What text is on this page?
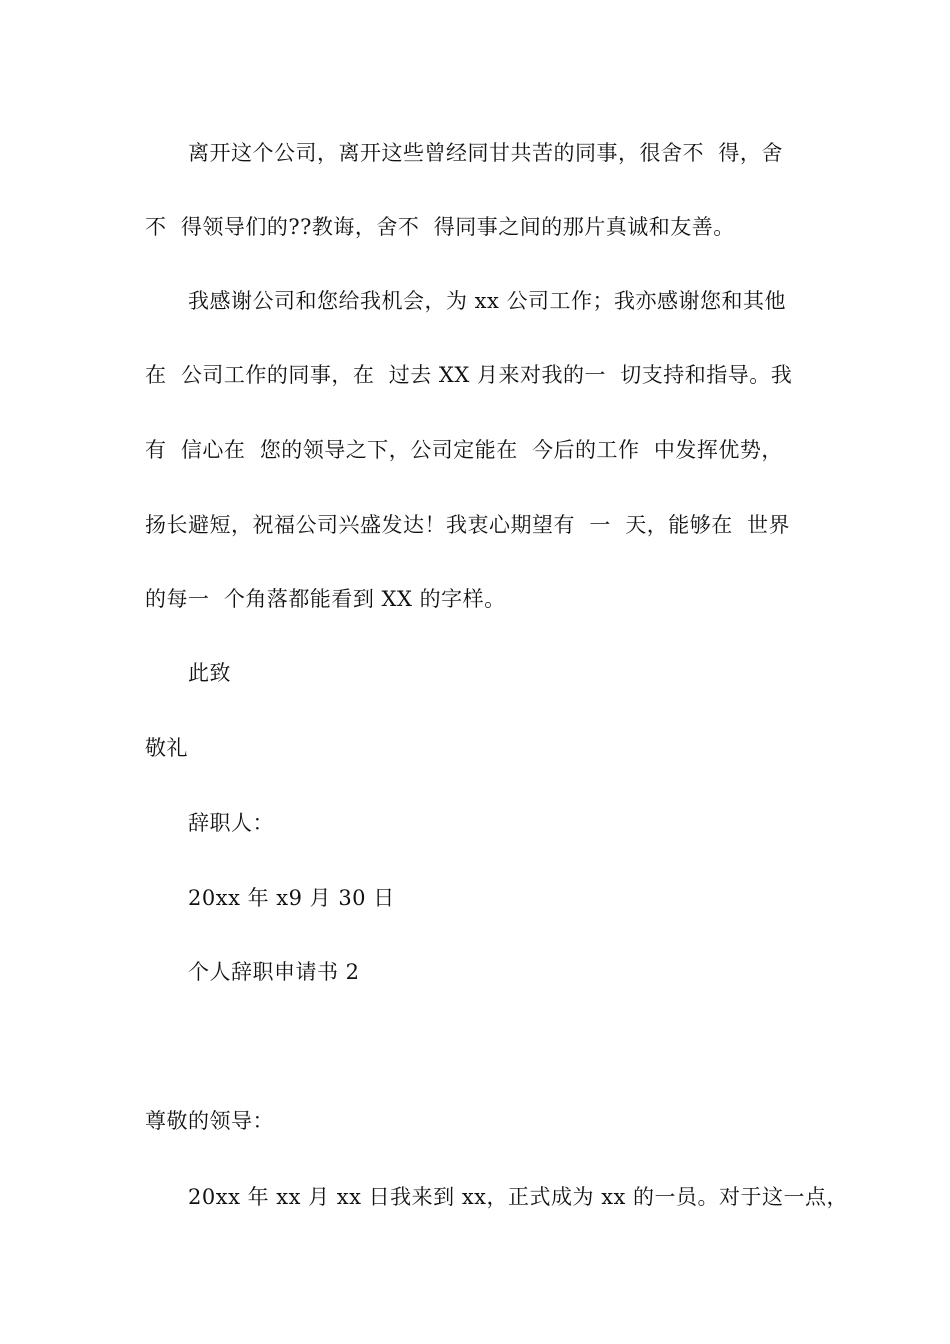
离开这个公司，离开这些曾经同甘共苦的同事，很舍不  得，舍
不  得领导们的??教诲，舍不  得同事之间的那片真诚和友善。
我感谢公司和您给我机会，为 xx 公司工作；我亦感谢您和其他
在  公司工作的同事，在  过去 XX 月来对我的一  切支持和指导。我
有  信心在  您的领导之下，公司定能在  今后的工作  中发挥优势，
扬长避短，祝福公司兴盛发达！我衷心期望有  一  天，能够在  世界
的每一  个角落都能看到 XX 的字样。
此致
敬礼
辞职人：
20xx 年 x9 月 30 日
个人辞职申请书 2
尊敬的领导：
20xx 年 xx 月 xx 日我来到 xx，正式成为 xx 的一员。对于这一点，
